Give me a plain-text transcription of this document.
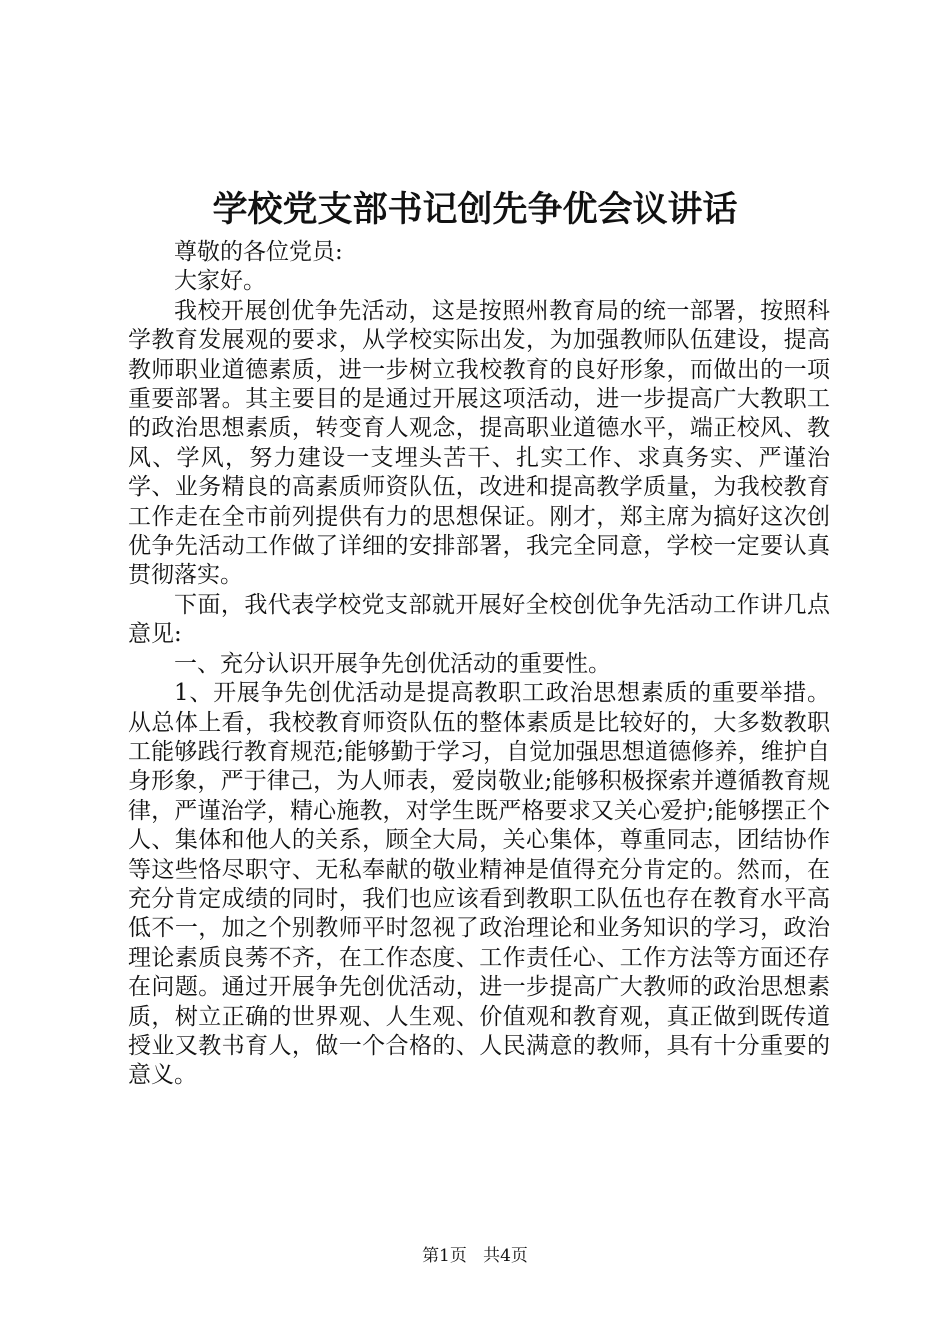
学校党支部书记创先争优会议讲话

尊敬的各位党员:

大家好。

我校开展创优争先活动，这是按照州教育局的统一部署，按照科学教育发展观的要求，从学校实际出发，为加强教师队伍建设，提高教师职业道德素质，进一步树立我校教育的良好形象，而做出的一项重要部署。其主要目的是通过开展这项活动，进一步提高广大教职工的政治思想素质，转变育人观念，提高职业道德水平，端正校风、教风、学风，努力建设一支埋头苦干、扎实工作、求真务实、严谨治学、业务精良的高素质师资队伍，改进和提高教学质量，为我校教育工作走在全市前列提供有力的思想保证。刚才，郑主席为搞好这次创优争先活动工作做了详细的安排部署，我完全同意，学校一定要认真贯彻落实。

下面，我代表学校党支部就开展好全校创优争先活动工作讲几点意见:

一、充分认识开展争先创优活动的重要性。

1、开展争先创优活动是提高教职工政治思想素质的重要举措。从总体上看，我校教育师资队伍的整体素质是比较好的，大多数教职工能够践行教育规范;能够勤于学习，自觉加强思想道德修养，维护自身形象，严于律己，为人师表，爱岗敬业;能够积极探索并遵循教育规律，严谨治学，精心施教，对学生既严格要求又关心爱护;能够摆正个人、集体和他人的关系，顾全大局，关心集体，尊重同志，团结协作等这些恪尽职守、无私奉献的敬业精神是值得充分肯定的。然而，在充分肯定成绩的同时，我们也应该看到教职工队伍也存在教育水平高低不一，加之个别教师平时忽视了政治理论和业务知识的学习，政治理论素质良莠不齐，在工作态度、工作责任心、工作方法等方面还存在问题。通过开展争先创优活动，进一步提高广大教师的政治思想素质，树立正确的世界观、人生观、价值观和教育观，真正做到既传道授业又教书育人，做一个合格的、人民满意的教师，具有十分重要的意义。

第1页 共4页
